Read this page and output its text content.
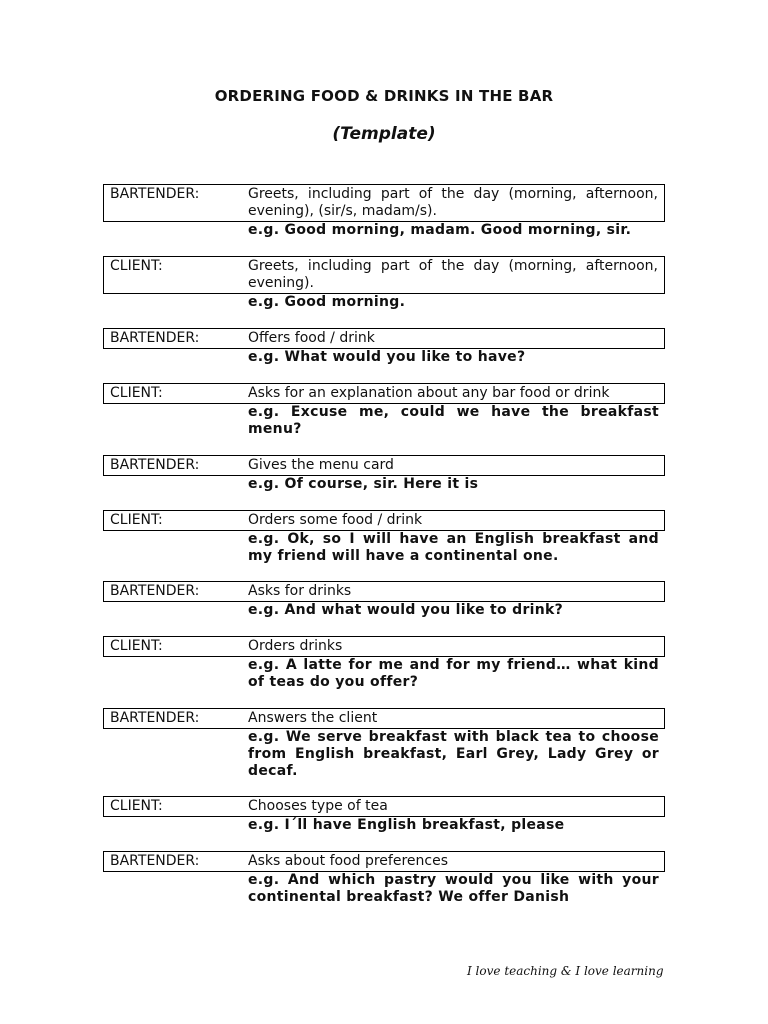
ORDERING FOOD & DRINKS IN THE BAR
(Template)
BARTENDER:	Greets, including part of the day (morning, afternoon, evening), (sir/s, madam/s).
e.g. Good morning, madam. Good morning, sir.
CLIENT:	Greets, including part of the day (morning, afternoon, evening).
e.g. Good morning.
BARTENDER:	Offers food / drink
e.g. What would you like to have?
CLIENT:	Asks for an explanation about any bar food or drink
e.g. Excuse me, could we have the breakfast menu?
BARTENDER:	Gives the menu card
e.g. Of course, sir. Here it is
CLIENT:	Orders some food / drink
e.g. Ok, so I will have an English breakfast and my friend will have a continental one.
BARTENDER:	Asks for drinks
e.g. And what would you like to drink?
CLIENT:	Orders drinks
e.g. A latte for me and for my friend… what kind of teas do you offer?
BARTENDER:	Answers the client
e.g. We serve breakfast with black tea to choose from English breakfast, Earl Grey, Lady Grey or decaf.
CLIENT:	Chooses type of tea
e.g. I´ll have English breakfast, please
BARTENDER:	Asks about food preferences
e.g. And which pastry would you like with your continental breakfast? We offer Danish
I love teaching & I love learning
